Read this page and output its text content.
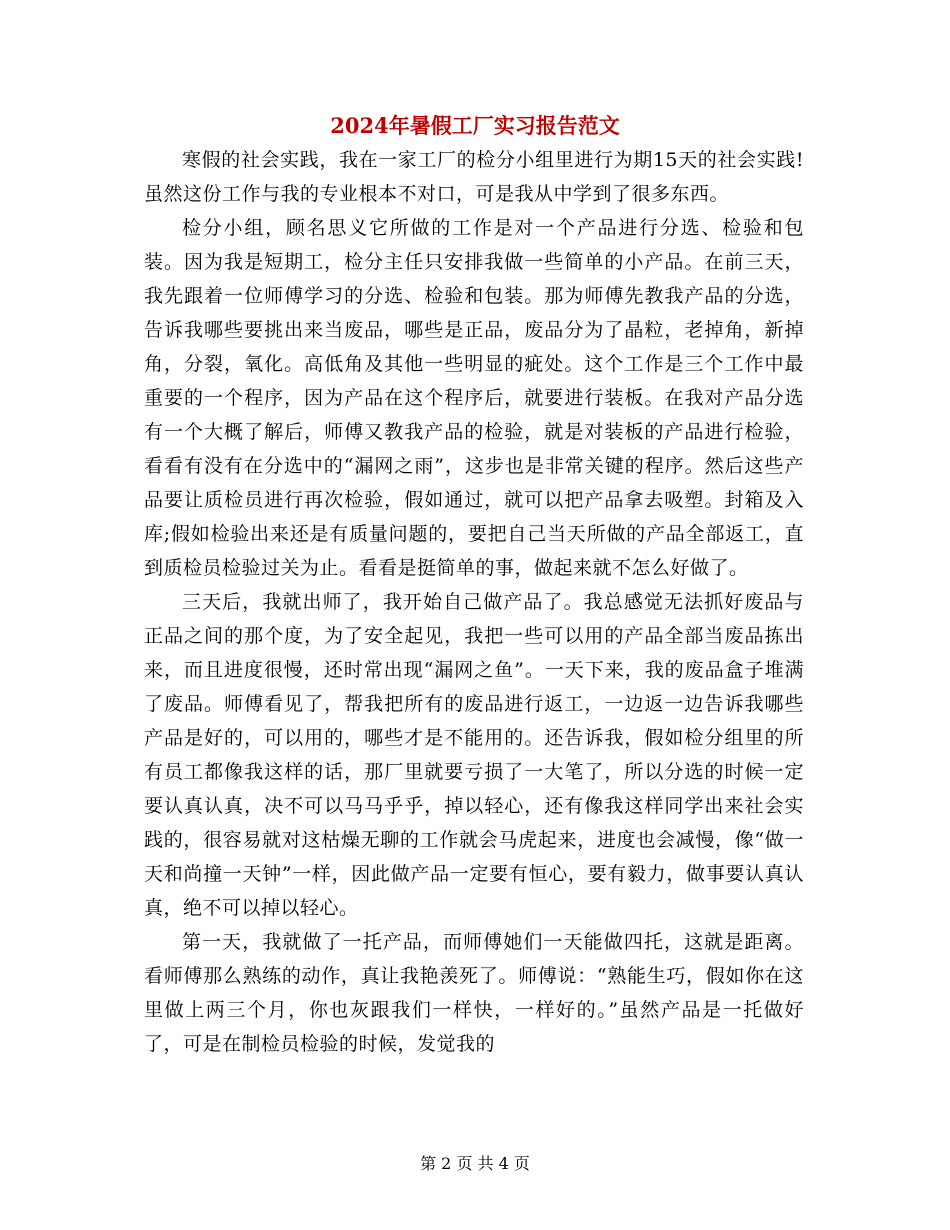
2024年暑假工厂实习报告范文

寒假的社会实践，我在一家工厂的检分小组里进行为期15天的社会实践!虽然这份工作与我的专业根本不对口，可是我从中学到了很多东西。

检分小组，顾名思义它所做的工作是对一个产品进行分选、检验和包装。因为我是短期工，检分主任只安排我做一些简单的小产品。在前三天，我先跟着一位师傅学习的分选、检验和包装。那为师傅先教我产品的分选，告诉我哪些要挑出来当废品，哪些是正品，废品分为了晶粒，老掉角，新掉角，分裂，氧化。高低角及其他一些明显的疵处。这个工作是三个工作中最重要的一个程序，因为产品在这个程序后，就要进行装板。在我对产品分选有一个大概了解后，师傅又教我产品的检验，就是对装板的产品进行检验，看看有没有在分选中的“漏网之雨”，这步也是非常关键的程序。然后这些产品要让质检员进行再次检验，假如通过，就可以把产品拿去吸塑。封箱及入库;假如检验出来还是有质量问题的，要把自己当天所做的产品全部返工，直到质检员检验过关为止。看看是挺简单的事，做起来就不怎么好做了。

三天后，我就出师了，我开始自己做产品了。我总感觉无法抓好废品与正品之间的那个度，为了安全起见，我把一些可以用的产品全部当废品拣出来，而且进度很慢，还时常出现“漏网之鱼”。一天下来，我的废品盒子堆满了废品。师傅看见了，帮我把所有的废品进行返工，一边返一边告诉我哪些产品是好的，可以用的，哪些才是不能用的。还告诉我，假如检分组里的所有员工都像我这样的话，那厂里就要亏损了一大笔了，所以分选的时候一定要认真认真，决不可以马马乎乎，掉以轻心，还有像我这样同学出来社会实践的，很容易就对这枯燥无聊的工作就会马虎起来，进度也会减慢，像“做一天和尚撞一天钟”一样，因此做产品一定要有恒心，要有毅力，做事要认真认真，绝不可以掉以轻心。

第一天，我就做了一托产品，而师傅她们一天能做四托，这就是距离。看师傅那么熟练的动作，真让我艳羡死了。师傅说：“熟能生巧，假如你在这里做上两三个月，你也灰跟我们一样快，一样好的。”虽然产品是一托做好了，可是在制检员检验的时候，发觉我的

第 2 页 共 4 页
